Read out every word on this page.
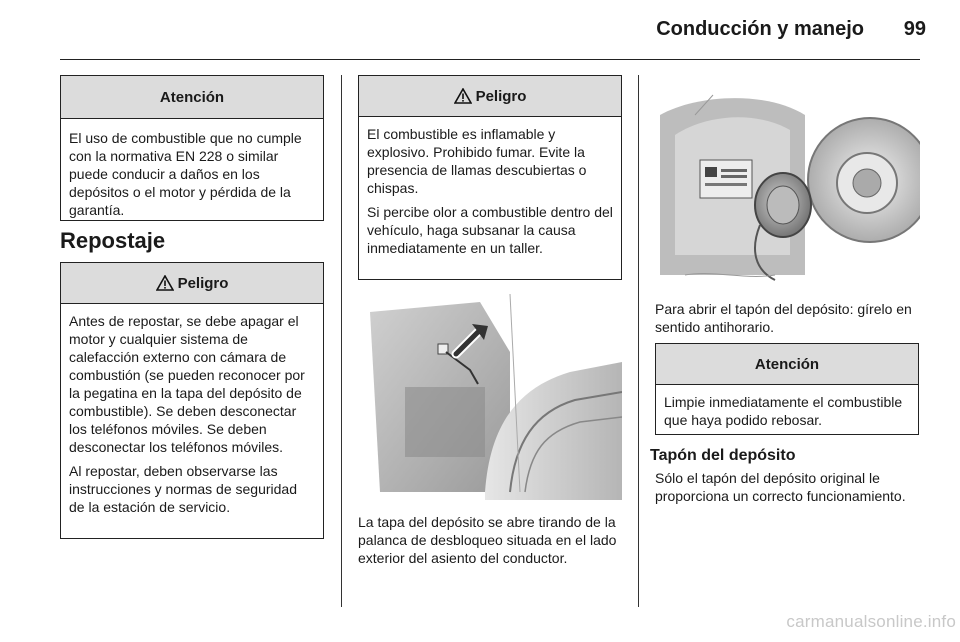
Conducción y manejo	99
Atención

El uso de combustible que no cumple con la normativa EN 228 o similar puede conducir a daños en los depósitos o el motor y pérdida de la garantía.

Repostaje
Peligro

Antes de repostar, se debe apagar el motor y cualquier sistema de calefacción externo con cámara de combustión (se pueden reconocer por la pegatina en la tapa del depósito de combustible). Se deben desconectar los teléfonos móviles. Se deben desconectar los teléfonos móviles.

Al repostar, deben observarse las instrucciones y normas de seguridad de la estación de servicio.

Peligro

El combustible es inflamable y explosivo. Prohibido fumar. Evite la presencia de llamas descubiertas o chispas.

Si percibe olor a combustible dentro del vehículo, haga subsanar la causa inmediatamente en un taller.

La tapa del depósito se abre tirando de la palanca de desbloqueo situada en el lado exterior del asiento del conductor.

Para abrir el tapón del depósito: gírelo en sentido antihorario.

Atención

Limpie inmediatamente el combustible que haya podido rebosar.

Tapón del depósito

Sólo el tapón del depósito original le proporciona un correcto funcionamiento.

carmanualsonline.info
